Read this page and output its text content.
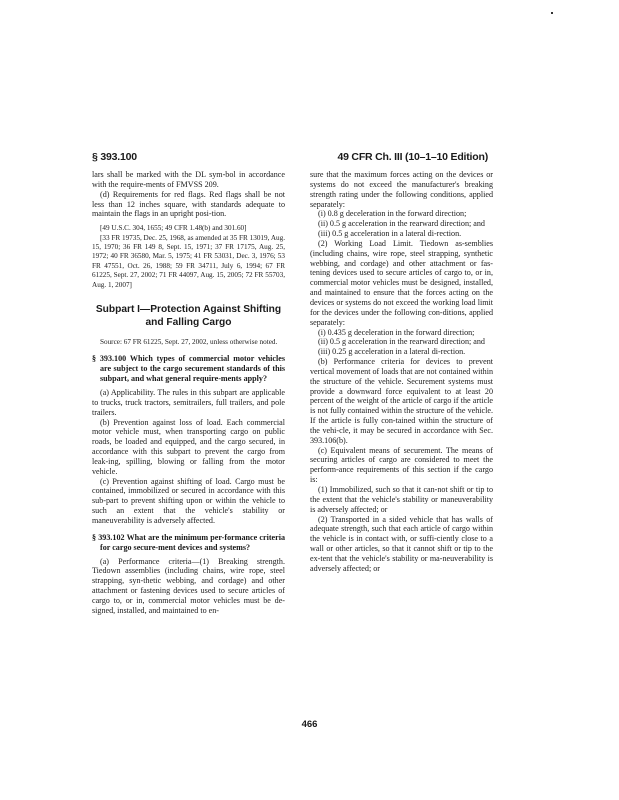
§ 393.100	49 CFR Ch. III (10–1–10 Edition)

lars shall be marked with the DL sym-bol in accordance with the require-ments of FMVSS 209.

(d) Requirements for red flags. Red flags shall be not less than 12 inches square, with standards adequate to maintain the flags in an upright posi-tion.

[49 U.S.C. 304, 1655; 49 CFR 1.48(b) and 301.60]

[33 FR 19735, Dec. 25, 1968, as amended at 35 FR 13019, Aug. 15, 1970; 36 FR 149 8, Sept. 15, 1971; 37 FR 17175, Aug. 25, 1972; 40 FR 36580, Mar. 5, 1975; 41 FR 53031, Dec. 3, 1976; 53 FR 47551, Oct. 26, 1988; 59 FR 34711, July 6, 1994; 67 FR 61225, Sept. 27, 2002; 71 FR 44097, Aug. 15, 2005; 72 FR 55703, Aug. 1, 2007]

Subpart I—Protection Against Shifting and Falling Cargo

Source: 67 FR 61225, Sept. 27, 2002, unless otherwise noted.

§ 393.100 Which types of commercial motor vehicles are subject to the cargo securement standards of this subpart, and what general require-ments apply?

(a) Applicability. The rules in this subpart are applicable to trucks, truck tractors, semitrailers, full trailers, and pole trailers.

(b) Prevention against loss of load. Each commercial motor vehicle must, when transporting cargo on public roads, be loaded and equipped, and the cargo secured, in accordance with this subpart to prevent the cargo from leak-ing, spilling, blowing or falling from the motor vehicle.

(c) Prevention against shifting of load. Cargo must be contained, immobilized or secured in accordance with this sub-part to prevent shifting upon or within the vehicle to such an extent that the vehicle's stability or maneuverability is adversely affected.

§ 393.102 What are the minimum per-formance criteria for cargo secure-ment devices and systems?

(a) Performance criteria—(1) Breaking strength. Tiedown assemblies (including chains, wire rope, steel strapping, syn-thetic webbing, and cordage) and other attachment or fastening devices used to secure articles of cargo to, or in, commercial motor vehicles must be de-signed, installed, and maintained to en-

sure that the maximum forces acting on the devices or systems do not exceed the manufacturer's breaking strength rating under the following conditions, applied separately:

(i) 0.8 g deceleration in the forward direction;

(ii) 0.5 g acceleration in the rearward direction; and

(iii) 0.5 g acceleration in a lateral di-rection.

(2) Working Load Limit. Tiedown as-semblies (including chains, wire rope, steel strapping, synthetic webbing, and cordage) and other attachment or fas-tening devices used to secure articles of cargo to, or in, commercial motor vehicles must be designed, installed, and maintained to ensure that the forces acting on the devices or systems do not exceed the working load limit for the devices under the following con-ditions, applied separately:

(i) 0.435 g deceleration in the forward direction;

(ii) 0.5 g acceleration in the rearward direction; and

(iii) 0.25 g acceleration in a lateral di-rection.

(b) Performance criteria for devices to prevent vertical movement of loads that are not contained within the structure of the vehicle. Securement systems must provide a downward force equivalent to at least 20 percent of the weight of the article of cargo if the article is not fully contained within the structure of the vehicle. If the article is fully con-tained within the structure of the vehi-cle, it may be secured in accordance with Sec. 393.106(b).

(c) Equivalent means of securement. The means of securing articles of cargo are considered to meet the perform-ance requirements of this section if the cargo is:

(1) Immobilized, such so that it can-not shift or tip to the extent that the vehicle's stability or maneuverability is adversely affected; or

(2) Transported in a sided vehicle that has walls of adequate strength, such that each article of cargo within the vehicle is in contact with, or suffi-ciently close to a wall or other articles, so that it cannot shift or tip to the ex-tent that the vehicle's stability or ma-neuverability is adversely affected; or

466
